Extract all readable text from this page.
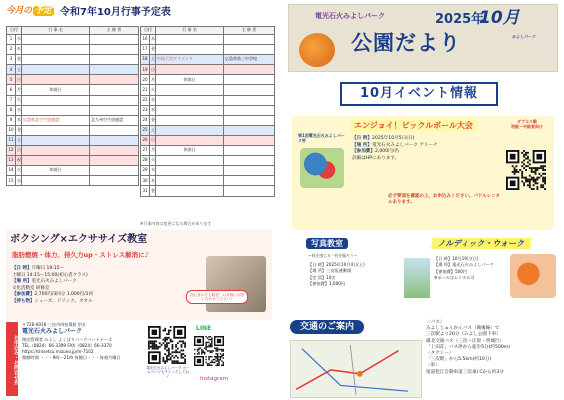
今月の 予定 令和7年10月行事予定表
日付		行 事 名	主 催 者
1	水		
2	木		
3	金		
4	土		
5	日		
6	月	休園日	
7	火		
8	水		
9	木	広島県北空手道連盟	北九州空手道連盟
10	金		
11	土		
12	日		
13	祝		
14	火	休園日	
15	水		
日付		行 事 名	主 催 者
16	木		
17	金		
18	土	中国大学グラウンド	広島県第三中学校
19	日		
20	月	休園日	
21	火		
22	水		
23	木		
24	金		
25	土		
26	日		
27	月	休園日	
28	火		
29	水		
30	木		
31	金		
※行事内容は変更になる場合があります
電光石火みよしパーク	2025年
10月
公園だより	みよしパーク
10月イベント情報
第1回電光石火みよしパーク杯
エンジョイ！ピックルボール大会
【日 時】2025年10月5日(日)
【場 所】電光石火みよしパーク アリーナ
【参加費】2,000円/名
詳細はHPにあります。
ダブルス戦
初級〜中級者向け
必ず要項を確認の上、お申込みください。パドルレンタルあります。
写真教室
〜秋を感じる一枚を撮ろう〜
【日 時】2025年10月4日(土)
【場 所】三良坂運動場
【定 員】10名
【参加費】1,000円
ノルディック・ウォーク
【日 時】10月19日(日)
【場 所】電光石火みよしパーク
【参加費】500円
※ポールはレンタル可
交通のご案内	〈バス〉
みよしじゅんかんバス（備後線）で
三次駅より20分（みよし公園下車）
備北交通バス（三次〜庄原・西城行）
「上田荘」バス停から徒歩5分(約500m)
〈タクシー〉
「三次駅」から5.5km(約10分)
〈車〉
尾道松江自動車道三次東I.Cから約3分
ボクシング×エクササイズ教室
脂肪燃焼・体力、持久力up・ストレス解消に♪
【日 時】月曜日 19:15〜
土曜日 14:15〜15:00(初心者クラス)
【場 所】電光石火みよしパーク
文化活動室 研修室
【参加費】2,700円/3回分 1,000円/1回
【持ち物】シューズ、ドリンク、タオル
初心者の方も歓迎！お気軽にお問い合わせください♪
お申込み・お問合せ先
〒728-0016 三次市四拾貫町寺田
電光石火みよしパーク
指定管理者 みよし よくばりパークパートナーズ
TEL（0824）66-3399 FAX（0824）66-3370
https://shisetsu.mizuno.jp/m-7102
開館時間 ・・・9時〜21時 休館日・・・毎週月曜日
電光石火みよしパーク ホームページもチェックしてね♪
LINE
Instagram
